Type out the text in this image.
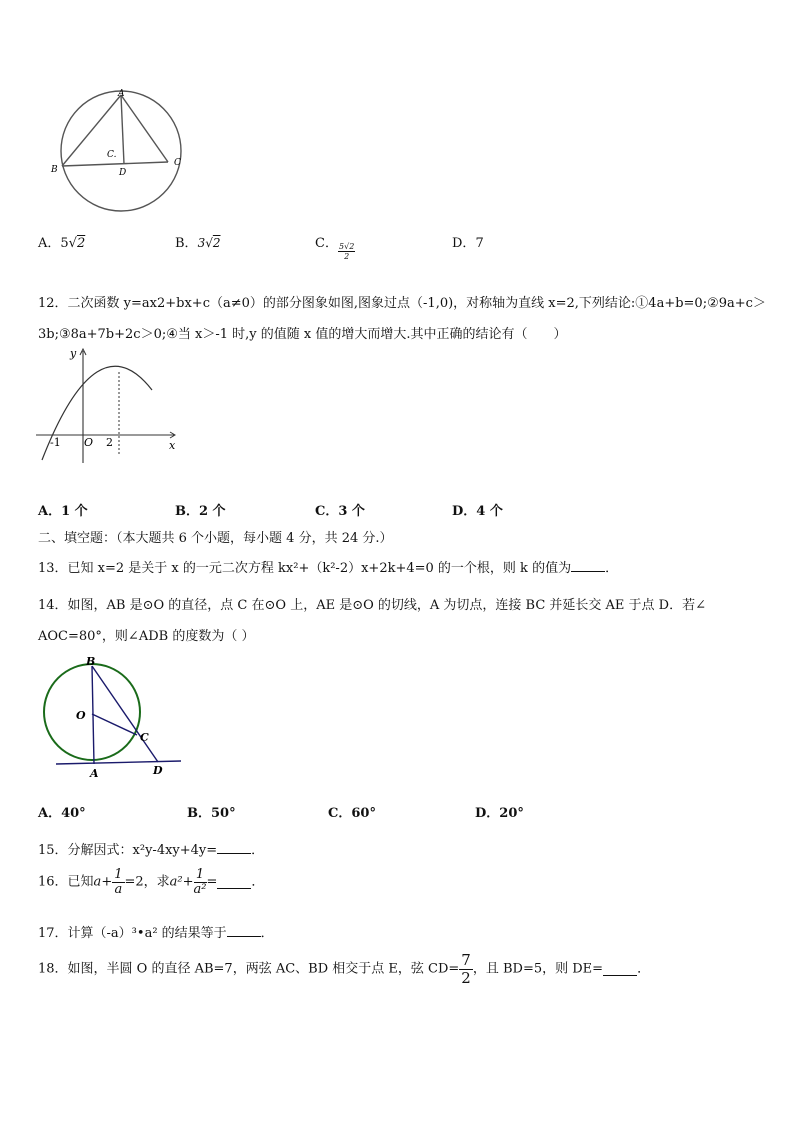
A
B
C
D
C.
A．5√2	B．3√2	C． $\frac{5√2}{2}$	D．7
12．二次函数 y=ax2+bx+c（a≠0）的部分图象如图,图象过点（-1,0)，对称轴为直线 x=2,下列结论:①4a+b=0;②9a+c＞
3b;③8a+7b+2c＞0;④当 x＞-1 时,y 的值随 x 值的增大而增大.其中正确的结论有（　　）
y
x
O
-1	2
A．1 个	B．2 个	C．3 个	D．4 个
二、填空题：（本大题共 6 个小题，每小题 4 分，共 24 分.）
13．已知 x=2 是关于 x 的一元二次方程 kx²+（k²-2）x+2k+4=0 的一个根，则 k 的值为	．
14．如图，AB 是⊙O 的直径，点 C 在⊙O 上，AE 是⊙O 的切线，A 为切点，连接 BC 并延长交 AE 于点 D．若∠
AOC=80°，则∠ADB 的度数为（ ）
B
O
C
A	D
A．40°	B．50°	C．60°	D．20°
15．分解因式：x²y-4xy+4y=	．
16．已知$a+ \frac{1}{a} =2$，求$a^2+ \frac{1}{\text{a²}}$ =	．
17．计算（-a）³•a² 的结果等于	．
18．如图，半圆 O 的直径 AB=7，两弦 AC、BD 相交于点 E，弦 $CD= \frac{7}{2}$ ，且 BD=5，则 DE=	．
